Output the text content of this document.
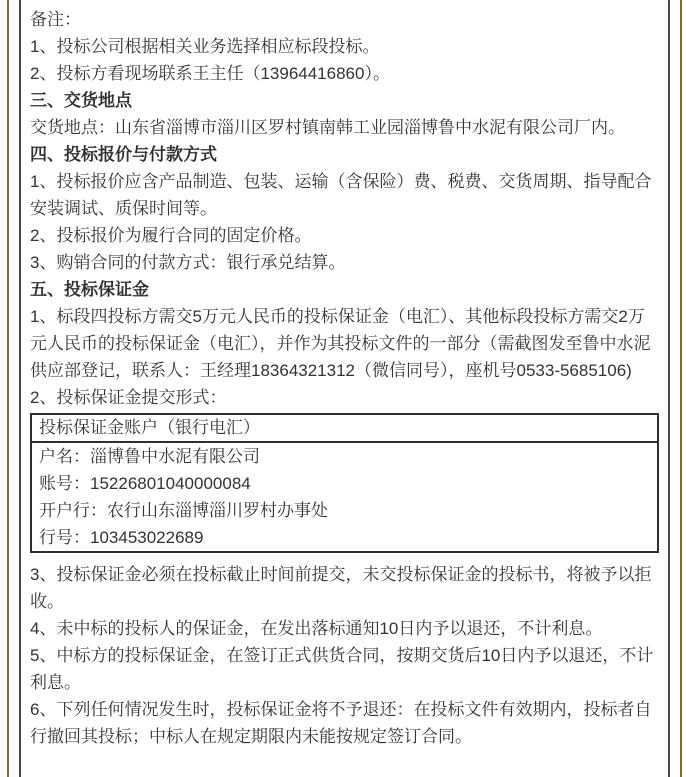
备注：

1、投标公司根据相关业务选择相应标段投标。

2、投标方看现场联系王主任（13964416860）。

三、交货地点

交货地点：山东省淄博市淄川区罗村镇南韩工业园淄博鲁中水泥有限公司厂内。

四、投标报价与付款方式

1、投标报价应含产品制造、包装、运输（含保险）费、税费、交货周期、指导配合安装调试、质保时间等。

2、投标报价为履行合同的固定价格。

3、购销合同的付款方式：银行承兑结算。

五、投标保证金

1、标段四投标方需交5万元人民币的投标保证金（电汇）、其他标段投标方需交2万元人民币的投标保证金（电汇），并作为其投标文件的一部分（需截图发至鲁中水泥供应部登记，联系人：王经理18364321312（微信同号），座机号0533-5685106)

2、投标保证金提交形式：

投标保证金账户（银行电汇）

户名：淄博鲁中水泥有限公司
账号：15226801040000084
开户行：农行山东淄博淄川罗村办事处
行号：103453022689

3、投标保证金必须在投标截止时间前提交，未交投标保证金的投标书，将被予以拒收。

4、未中标的投标人的保证金，在发出落标通知10日内予以退还，不计利息。

5、中标方的投标保证金，在签订正式供货合同，按期交货后10日内予以退还，不计利息。

6、下列任何情况发生时，投标保证金将不予退还：在投标文件有效期内，投标者自行撤回其投标；中标人在规定期限内未能按规定签订合同。
